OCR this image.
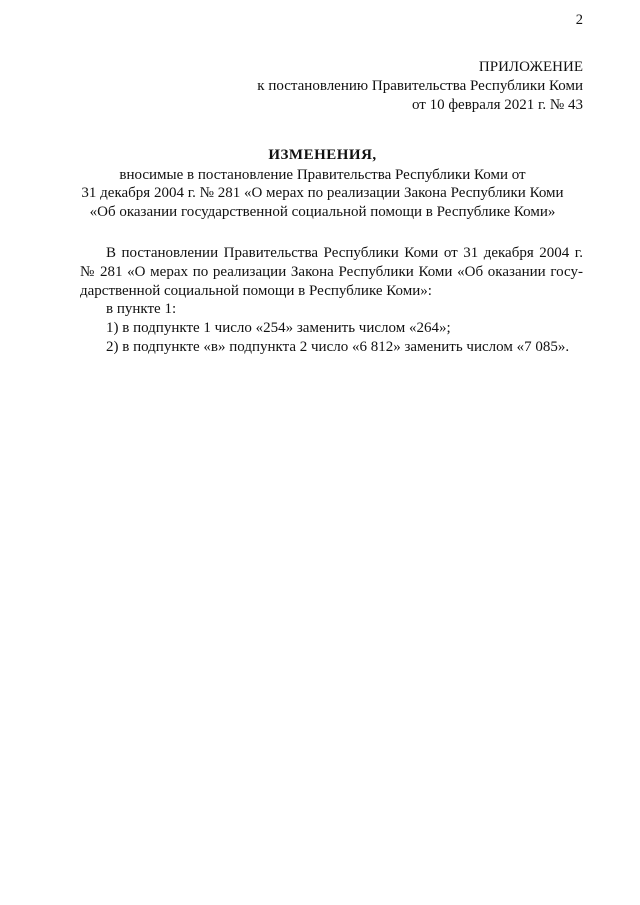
2
ПРИЛОЖЕНИЕ
к постановлению Правительства Республики Коми
от 10 февраля 2021 г. № 43
ИЗМЕНЕНИЯ,
вносимые в постановление Правительства Республики Коми от
31 декабря 2004 г. № 281 «О мерах по реализации Закона Республики Коми
«Об оказании государственной социальной помощи в Республике Коми»
В постановлении Правительства Республики Коми от 31 декабря 2004 г.
№ 281 «О мерах по реализации Закона Республики Коми «Об оказании госу-
дарственной социальной помощи в Республике Коми»:
в пункте 1:
1) в подпункте 1 число «254» заменить числом «264»;
2) в подпункте «в» подпункта 2 число «6 812» заменить числом «7 085».
